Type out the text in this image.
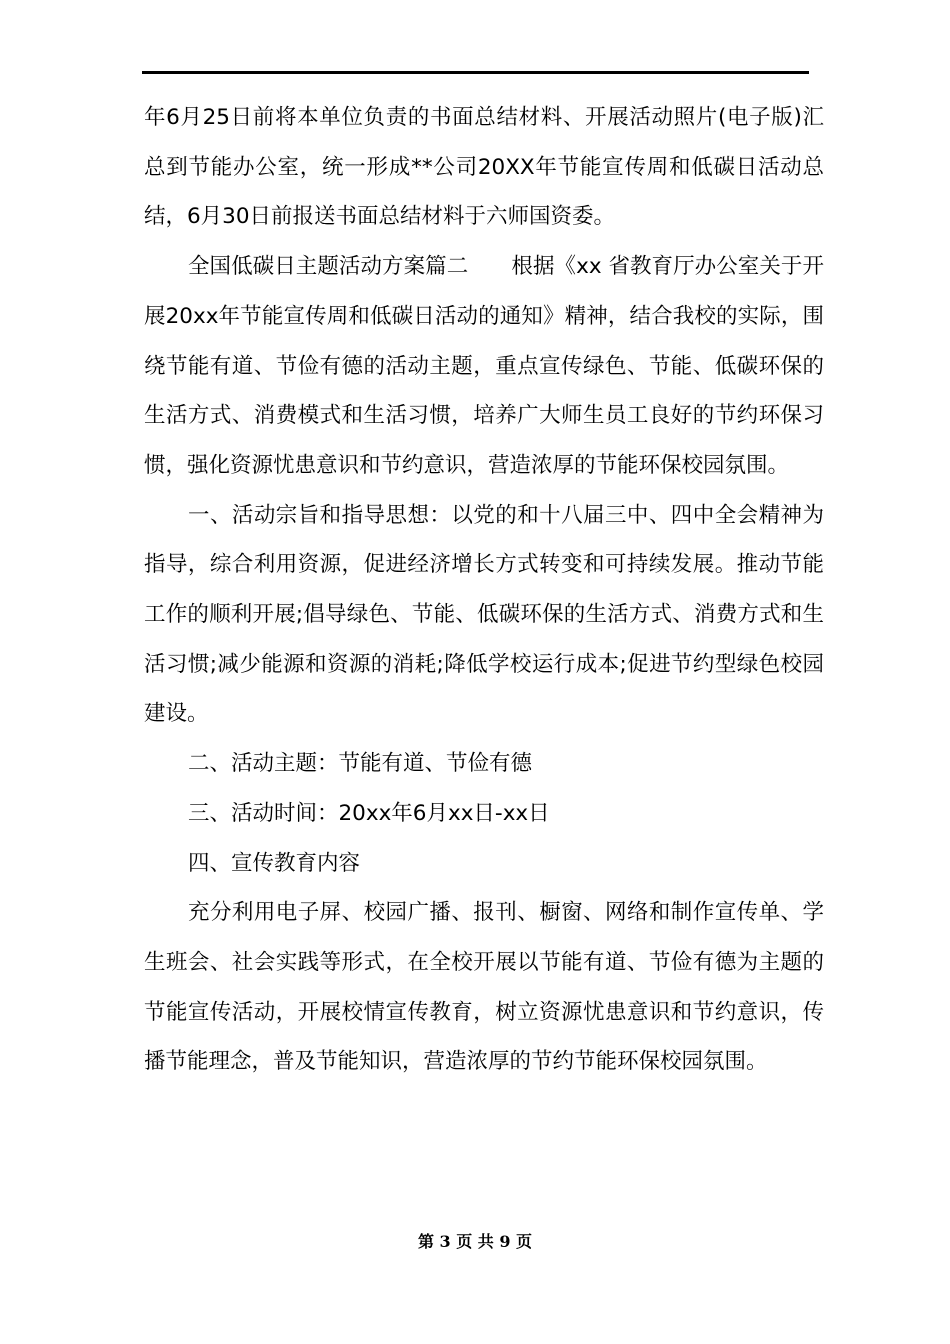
年6月25日前将本单位负责的书面总结材料、开展活动照片(电子版)汇总到节能办公室，统一形成**公司20XX年节能宣传周和低碳日活动总结，6月30日前报送书面总结材料于六师国资委。

全国低碳日主题活动方案篇二　　根据《xx 省教育厅办公室关于开展20xx年节能宣传周和低碳日活动的通知》精神，结合我校的实际，围绕节能有道、节俭有德的活动主题，重点宣传绿色、节能、低碳环保的生活方式、消费模式和生活习惯，培养广大师生员工良好的节约环保习惯，强化资源忧患意识和节约意识，营造浓厚的节能环保校园氛围。

一、活动宗旨和指导思想：以党的和十八届三中、四中全会精神为指导，综合利用资源，促进经济增长方式转变和可持续发展。推动节能工作的顺利开展;倡导绿色、节能、低碳环保的生活方式、消费方式和生活习惯;减少能源和资源的消耗;降低学校运行成本;促进节约型绿色校园建设。

二、活动主题：节能有道、节俭有德

三、活动时间：20xx年6月xx日-xx日

四、宣传教育内容

充分利用电子屏、校园广播、报刊、橱窗、网络和制作宣传单、学生班会、社会实践等形式，在全校开展以节能有道、节俭有德为主题的节能宣传活动，开展校情宣传教育，树立资源忧患意识和节约意识，传播节能理念，普及节能知识，营造浓厚的节约节能环保校园氛围。

第 3 页 共 9 页
